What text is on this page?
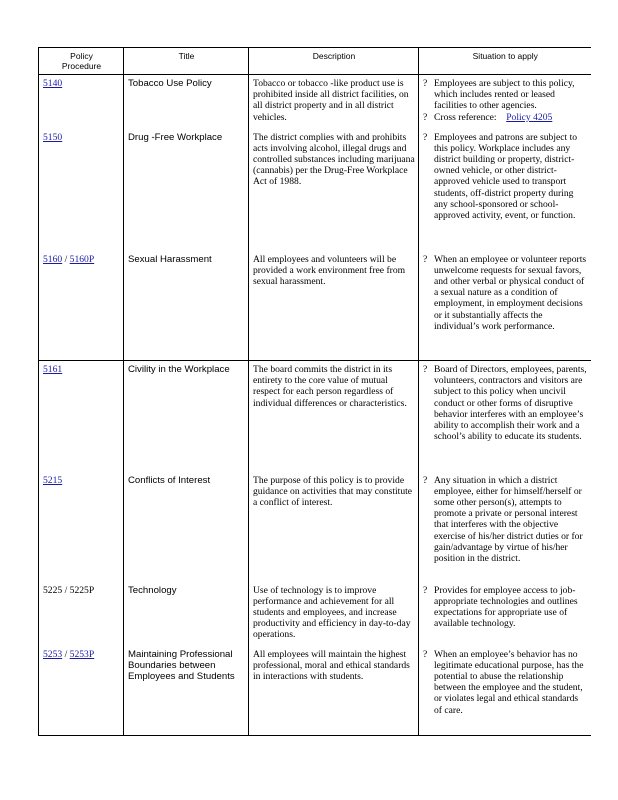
Policy
Procedure	Title	Description	Situation to apply
5140	Tobacco Use Policy	Tobacco or tobacco -like product use is prohibited inside all district facilities, on all district property and in all district vehicles.	? Employees are subject to this policy, which includes rented or leased facilities to other agencies.
? Cross reference: Policy 4205

5150	Drug -Free Workplace	The district complies with and prohibits acts involving alcohol, illegal drugs and controlled substances including marijuana (cannabis) per the Drug-Free Workplace Act of 1988.	? Employees and patrons are subject to this policy. Workplace includes any district building or property, district-owned vehicle, or other district-approved vehicle used to transport students, off-district property during any school-sponsored or school-approved activity, event, or function.

5160 / 5160P	Sexual Harassment	All employees and volunteers will be provided a work environment free from sexual harassment.	? When an employee or volunteer reports unwelcome requests for sexual favors, and other verbal or physical conduct of a sexual nature as a condition of employment, in employment decisions or it substantially affects the individual’s work performance.

5161	Civility in the Workplace	The board commits the district in its entirety to the core value of mutual respect for each person regardless of individual differences or characteristics.	? Board of Directors, employees, parents, volunteers, contractors and visitors are subject to this policy when uncivil conduct or other forms of disruptive behavior interferes with an employee’s ability to accomplish their work and a school’s ability to educate its students.

5215	Conflicts of Interest	The purpose of this policy is to provide guidance on activities that may constitute a conflict of interest.	? Any situation in which a district employee, either for himself/herself or some other person(s), attempts to promote a private or personal interest that interferes with the objective exercise of his/her district duties or for gain/advantage by virtue of his/her position in the district.

5225 / 5225P	Technology	Use of technology is to improve performance and achievement for all students and employees, and increase productivity and efficiency in day-to-day operations.	? Provides for employee access to job-appropriate technologies and outlines expectations for appropriate use of available technology.

5253 / 5253P	Maintaining Professional Boundaries between Employees and Students	All employees will maintain the highest professional, moral and ethical standards in interactions with students.	? When an employee’s behavior has no legitimate educational purpose, has the potential to abuse the relationship between the employee and the student, or violates legal and ethical standards of care.
